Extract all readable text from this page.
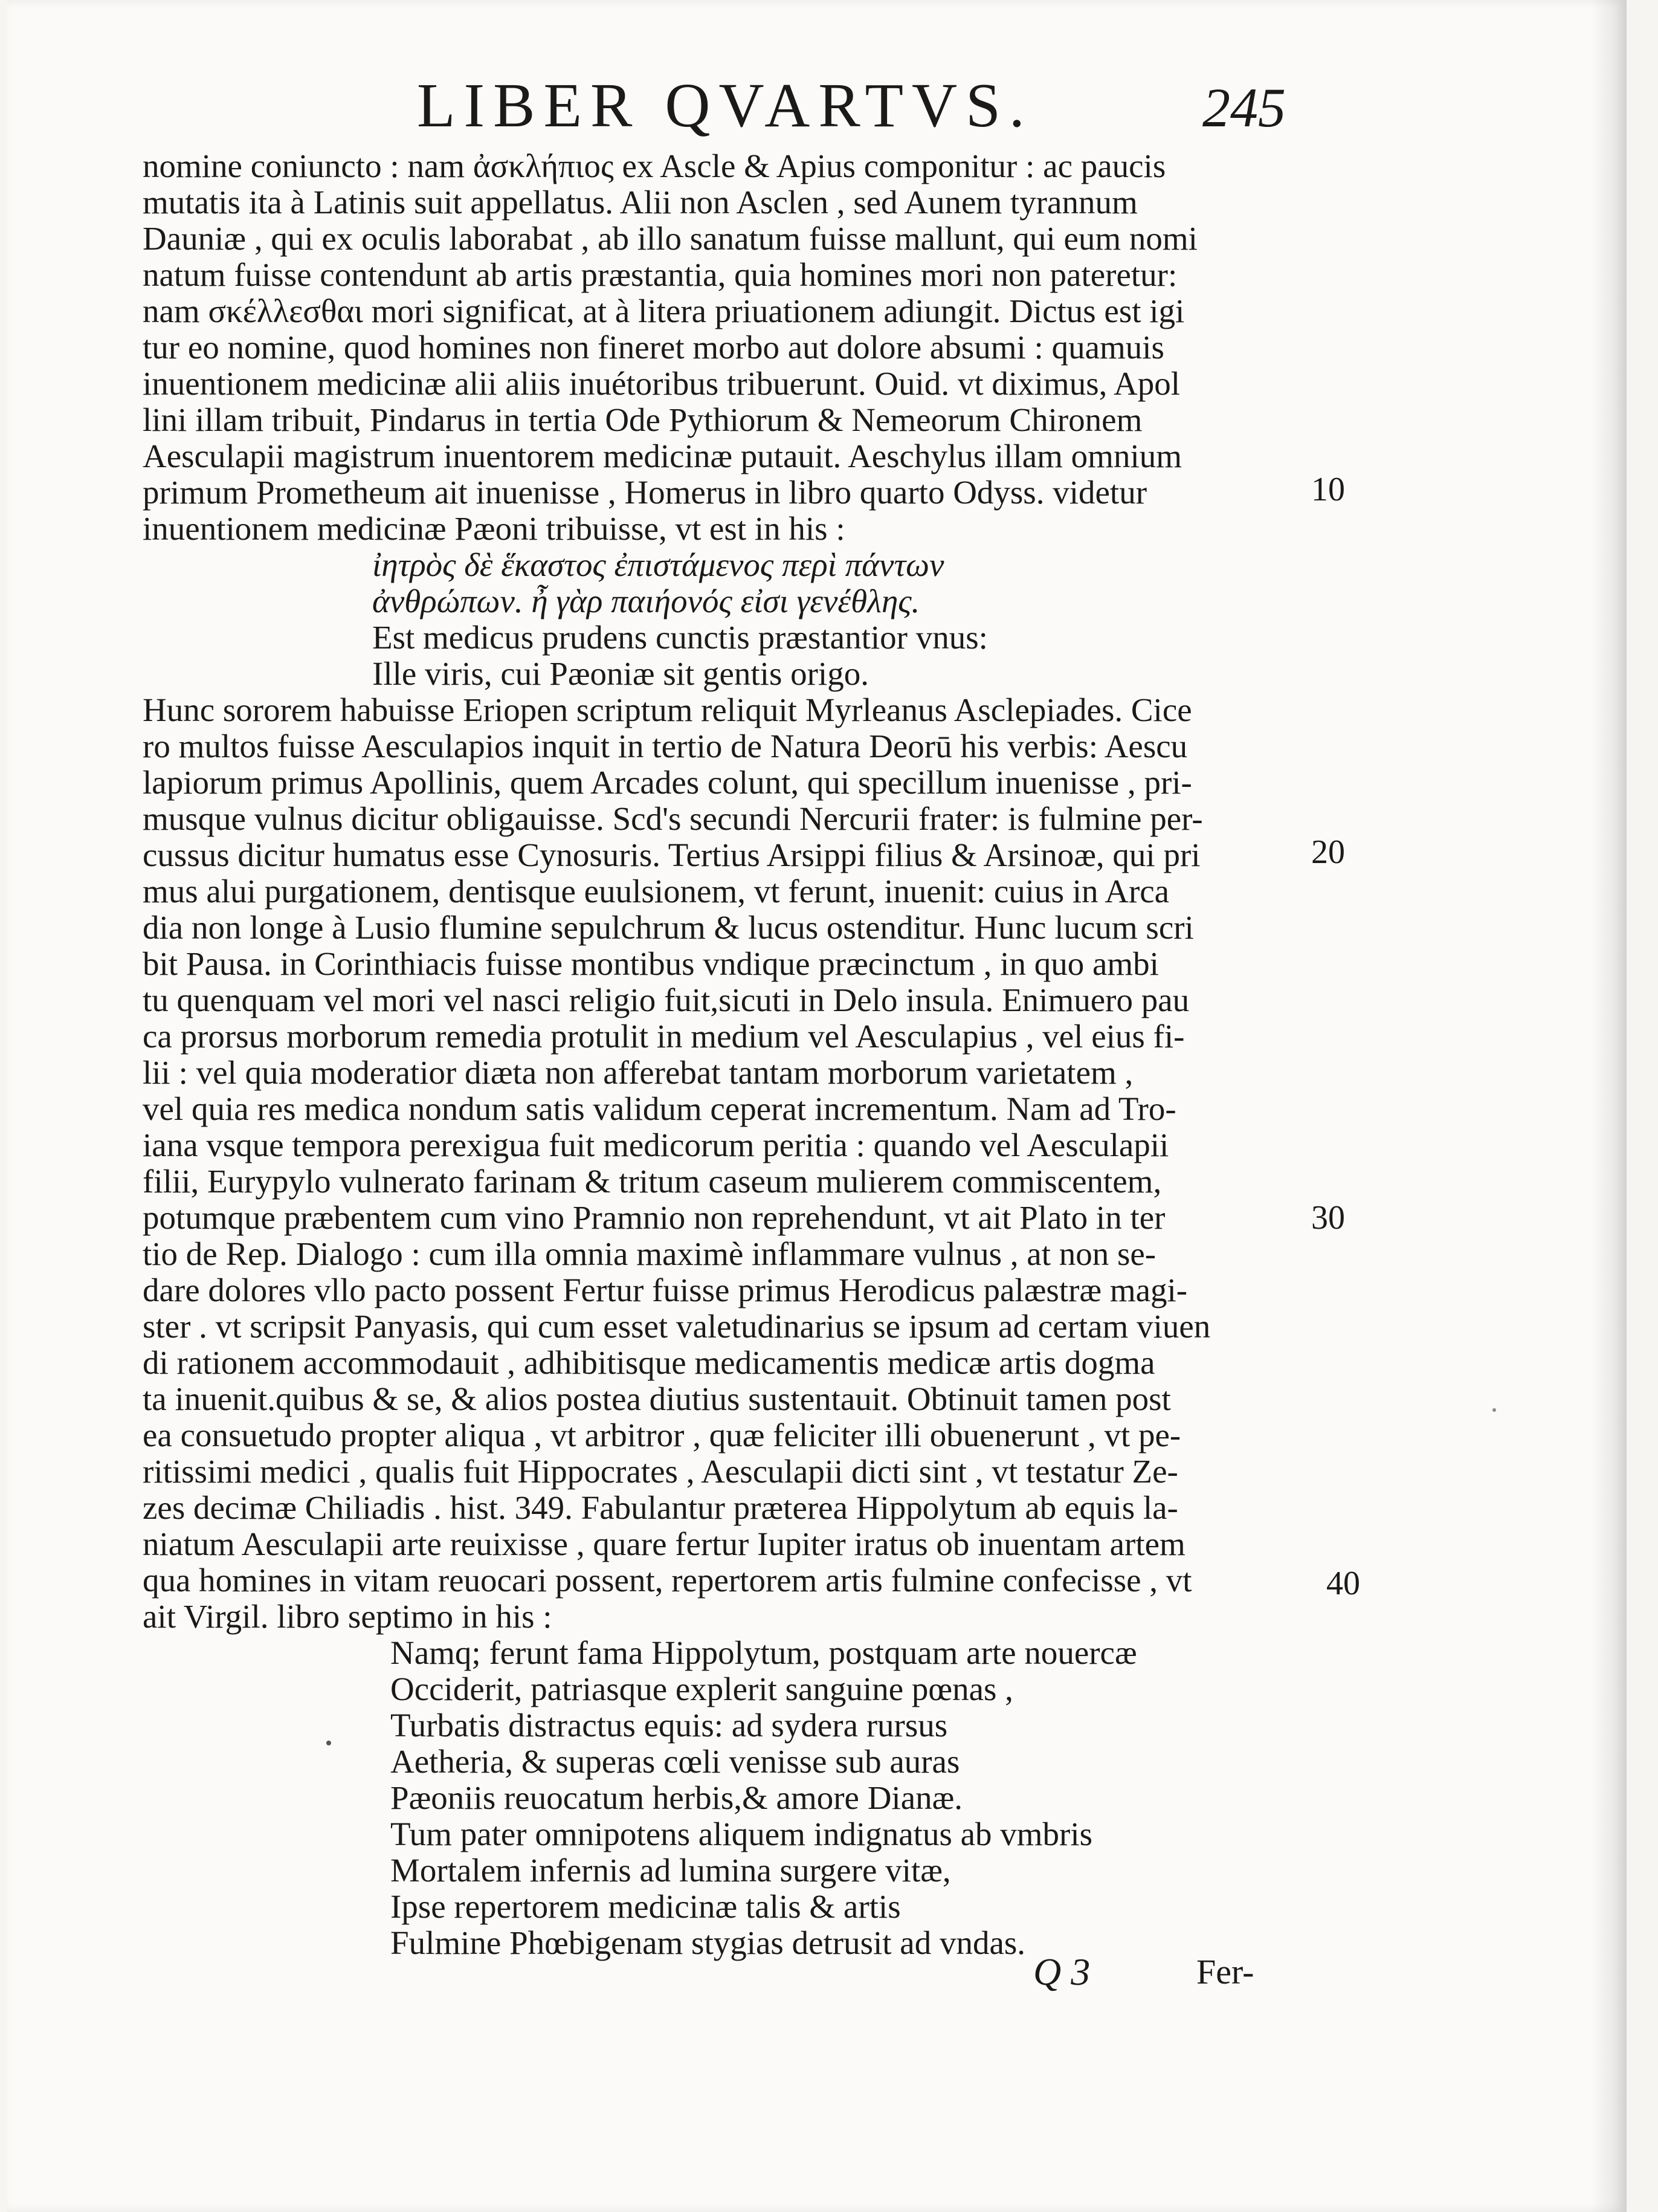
LIBER QVARTVS.	245
nomine coniuncto : nam ἀσκλήπιος ex Ascle & Apius componitur : ac paucis
mutatis ita à Latinis suit appellatus. Alii non Asclen , sed Aunem tyrannum
Dauniæ , qui ex oculis laborabat , ab illo sanatum fuisse mallunt, qui eum nomi
natum fuisse contendunt ab artis præstantia, quia homines mori non pateretur:
nam σκέλλεσθαι mori significat, at à litera priuationem adiungit. Dictus est igi
tur eo nomine, quod homines non fineret morbo aut dolore absumi : quamuis
inuentionem medicinæ alii aliis inuétoribus tribuerunt. Ouid. vt diximus, Apol
lini illam tribuit, Pindarus in tertia Ode Pythiorum & Nemeorum Chironem
Aesculapii magistrum inuentorem medicinæ putauit. Aeschylus illam omnium
primum Prometheum ait inuenisse , Homerus in libro quarto Odyss. videtur
inuentionem medicinæ Pæoni tribuisse, vt est in his :
ἰητρὸς δὲ ἕκαστος ἐπιστάμενος περὶ πάντων
ἀνθρώπων. ἦ γὰρ παιήονός εἰσι γενέθλης.
Est medicus prudens cunctis præstantior vnus:
Ille viris, cui Pæoniæ sit gentis origo.
Hunc sororem habuisse Eriopen scriptum reliquit Myrleanus Asclepiades. Cice
ro multos fuisse Aesculapios inquit in tertio de Natura Deorū his verbis: Aescu
lapiorum primus Apollinis, quem Arcades colunt, qui specillum inuenisse , pri-
musque vulnus dicitur obligauisse. Scd's secundi Nercurii frater: is fulmine per-
cussus dicitur humatus esse Cynosuris. Tertius Arsippi filius & Arsinoæ, qui pri
mus alui purgationem, dentisque euulsionem, vt ferunt, inuenit: cuius in Arca
dia non longe à Lusio flumine sepulchrum & lucus ostenditur. Hunc lucum scri
bit Pausa. in Corinthiacis fuisse montibus vndique præcinctum , in quo ambi
tu quenquam vel mori vel nasci religio fuit,sicuti in Delo insula. Enimuero pau
ca prorsus morborum remedia protulit in medium vel Aesculapius , vel eius fi-
lii : vel quia moderatior diæta non afferebat tantam morborum varietatem ,
vel quia res medica nondum satis validum ceperat incrementum. Nam ad Tro-
iana vsque tempora perexigua fuit medicorum peritia : quando vel Aesculapii
filii, Eurypylo vulnerato farinam & tritum caseum mulierem commiscentem,
potumque præbentem cum vino Pramnio non reprehendunt, vt ait Plato in ter
tio de Rep. Dialogo : cum illa omnia maximè inflammare vulnus , at non se-
dare dolores vllo pacto possent Fertur fuisse primus Herodicus palæstræ magi-
ster . vt scripsit Panyasis, qui cum esset valetudinarius se ipsum ad certam viuen
di rationem accommodauit , adhibitisque medicamentis medicæ artis dogma
ta inuenit.quibus & se, & alios postea diutius sustentauit. Obtinuit tamen post
ea consuetudo propter aliqua , vt arbitror , quæ feliciter illi obuenerunt , vt pe-
ritissimi medici , qualis fuit Hippocrates , Aesculapii dicti sint , vt testatur Ze-
zes decimæ Chiliadis . hist. 349. Fabulantur præterea Hippolytum ab equis la-
niatum Aesculapii arte reuixisse , quare fertur Iupiter iratus ob inuentam artem
qua homines in vitam reuocari possent, repertorem artis fulmine confecisse , vt
ait Virgil. libro septimo in his :
Namq; ferunt fama Hippolytum, postquam arte nouercæ
Occiderit, patriasque explerit sanguine pœnas ,
Turbatis distractus equis: ad sydera rursus
Aetheria, & superas cœli venisse sub auras
Pæoniis reuocatum herbis,& amore Dianæ.
Tum pater omnipotens aliquem indignatus ab vmbris
Mortalem infernis ad lumina surgere vitæ,
Ipse repertorem medicinæ talis & artis
Fulmine Phœbigenam stygias detrusit ad vndas.
10
20
30
40
Q 3	Fer-
